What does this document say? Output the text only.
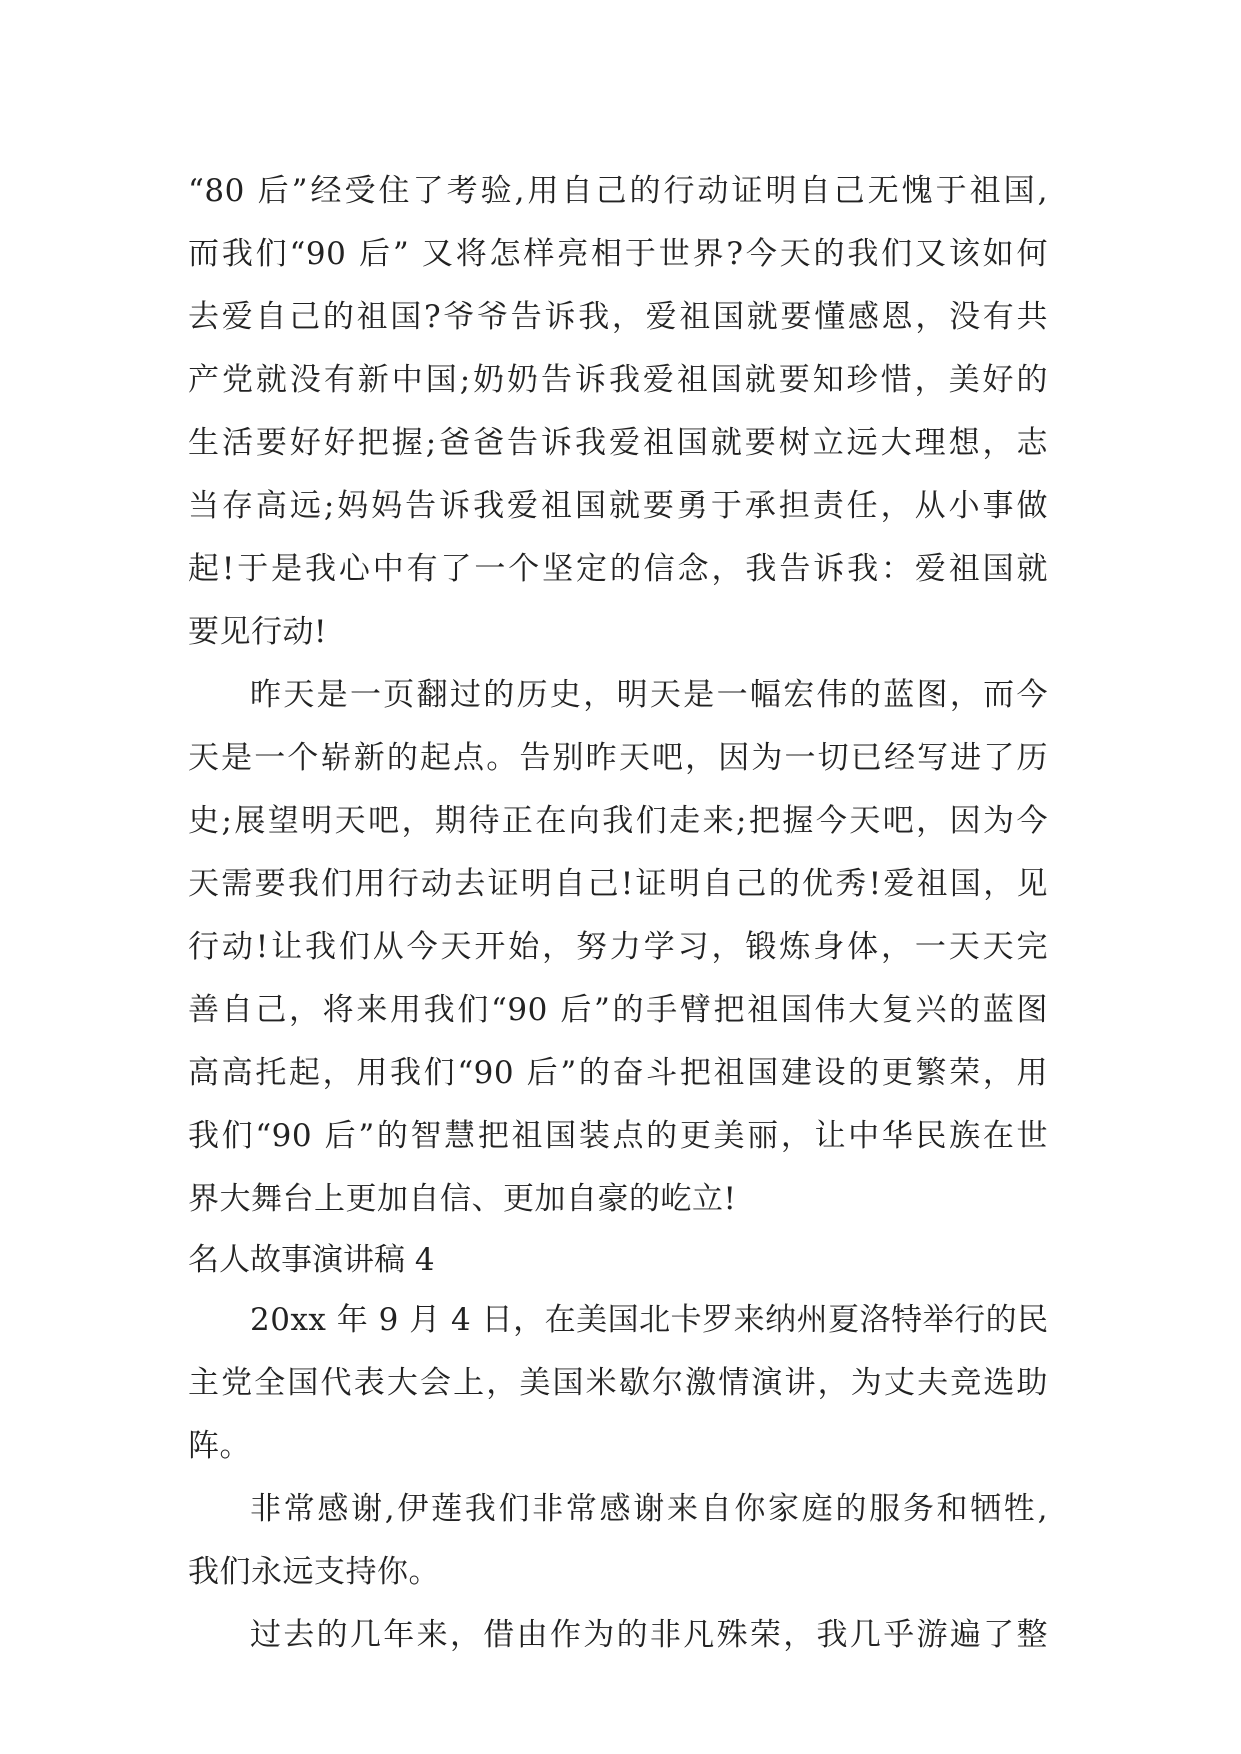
“80 后”经受住了考验,用自己的行动证明自己无愧于祖国,
而我们“90 后” 又将怎样亮相于世界?今天的我们又该如何
去爱自己的祖国?爷爷告诉我，爱祖国就要懂感恩，没有共
产党就没有新中国;奶奶告诉我爱祖国就要知珍惜，美好的
生活要好好把握;爸爸告诉我爱祖国就要树立远大理想，志
当存高远;妈妈告诉我爱祖国就要勇于承担责任，从小事做
起!于是我心中有了一个坚定的信念，我告诉我：爱祖国就
要见行动!
昨天是一页翻过的历史，明天是一幅宏伟的蓝图，而今
天是一个崭新的起点。告别昨天吧，因为一切已经写进了历
史;展望明天吧，期待正在向我们走来;把握今天吧，因为今
天需要我们用行动去证明自己!证明自己的优秀!爱祖国，见
行动!让我们从今天开始，努力学习，锻炼身体，一天天完
善自己，将来用我们“90 后”的手臂把祖国伟大复兴的蓝图
高高托起，用我们“90 后”的奋斗把祖国建设的更繁荣，用
我们“90 后”的智慧把祖国装点的更美丽，让中华民族在世
界大舞台上更加自信、更加自豪的屹立!
名人故事演讲稿 4
20xx 年 9 月 4 日，在美国北卡罗来纳州夏洛特举行的民
主党全国代表大会上，美国米歇尔激情演讲，为丈夫竞选助
阵。
非常感谢,伊莲我们非常感谢来自你家庭的服务和牺牲,
我们永远支持你。
过去的几年来，借由作为的非凡殊荣，我几乎游遍了整
